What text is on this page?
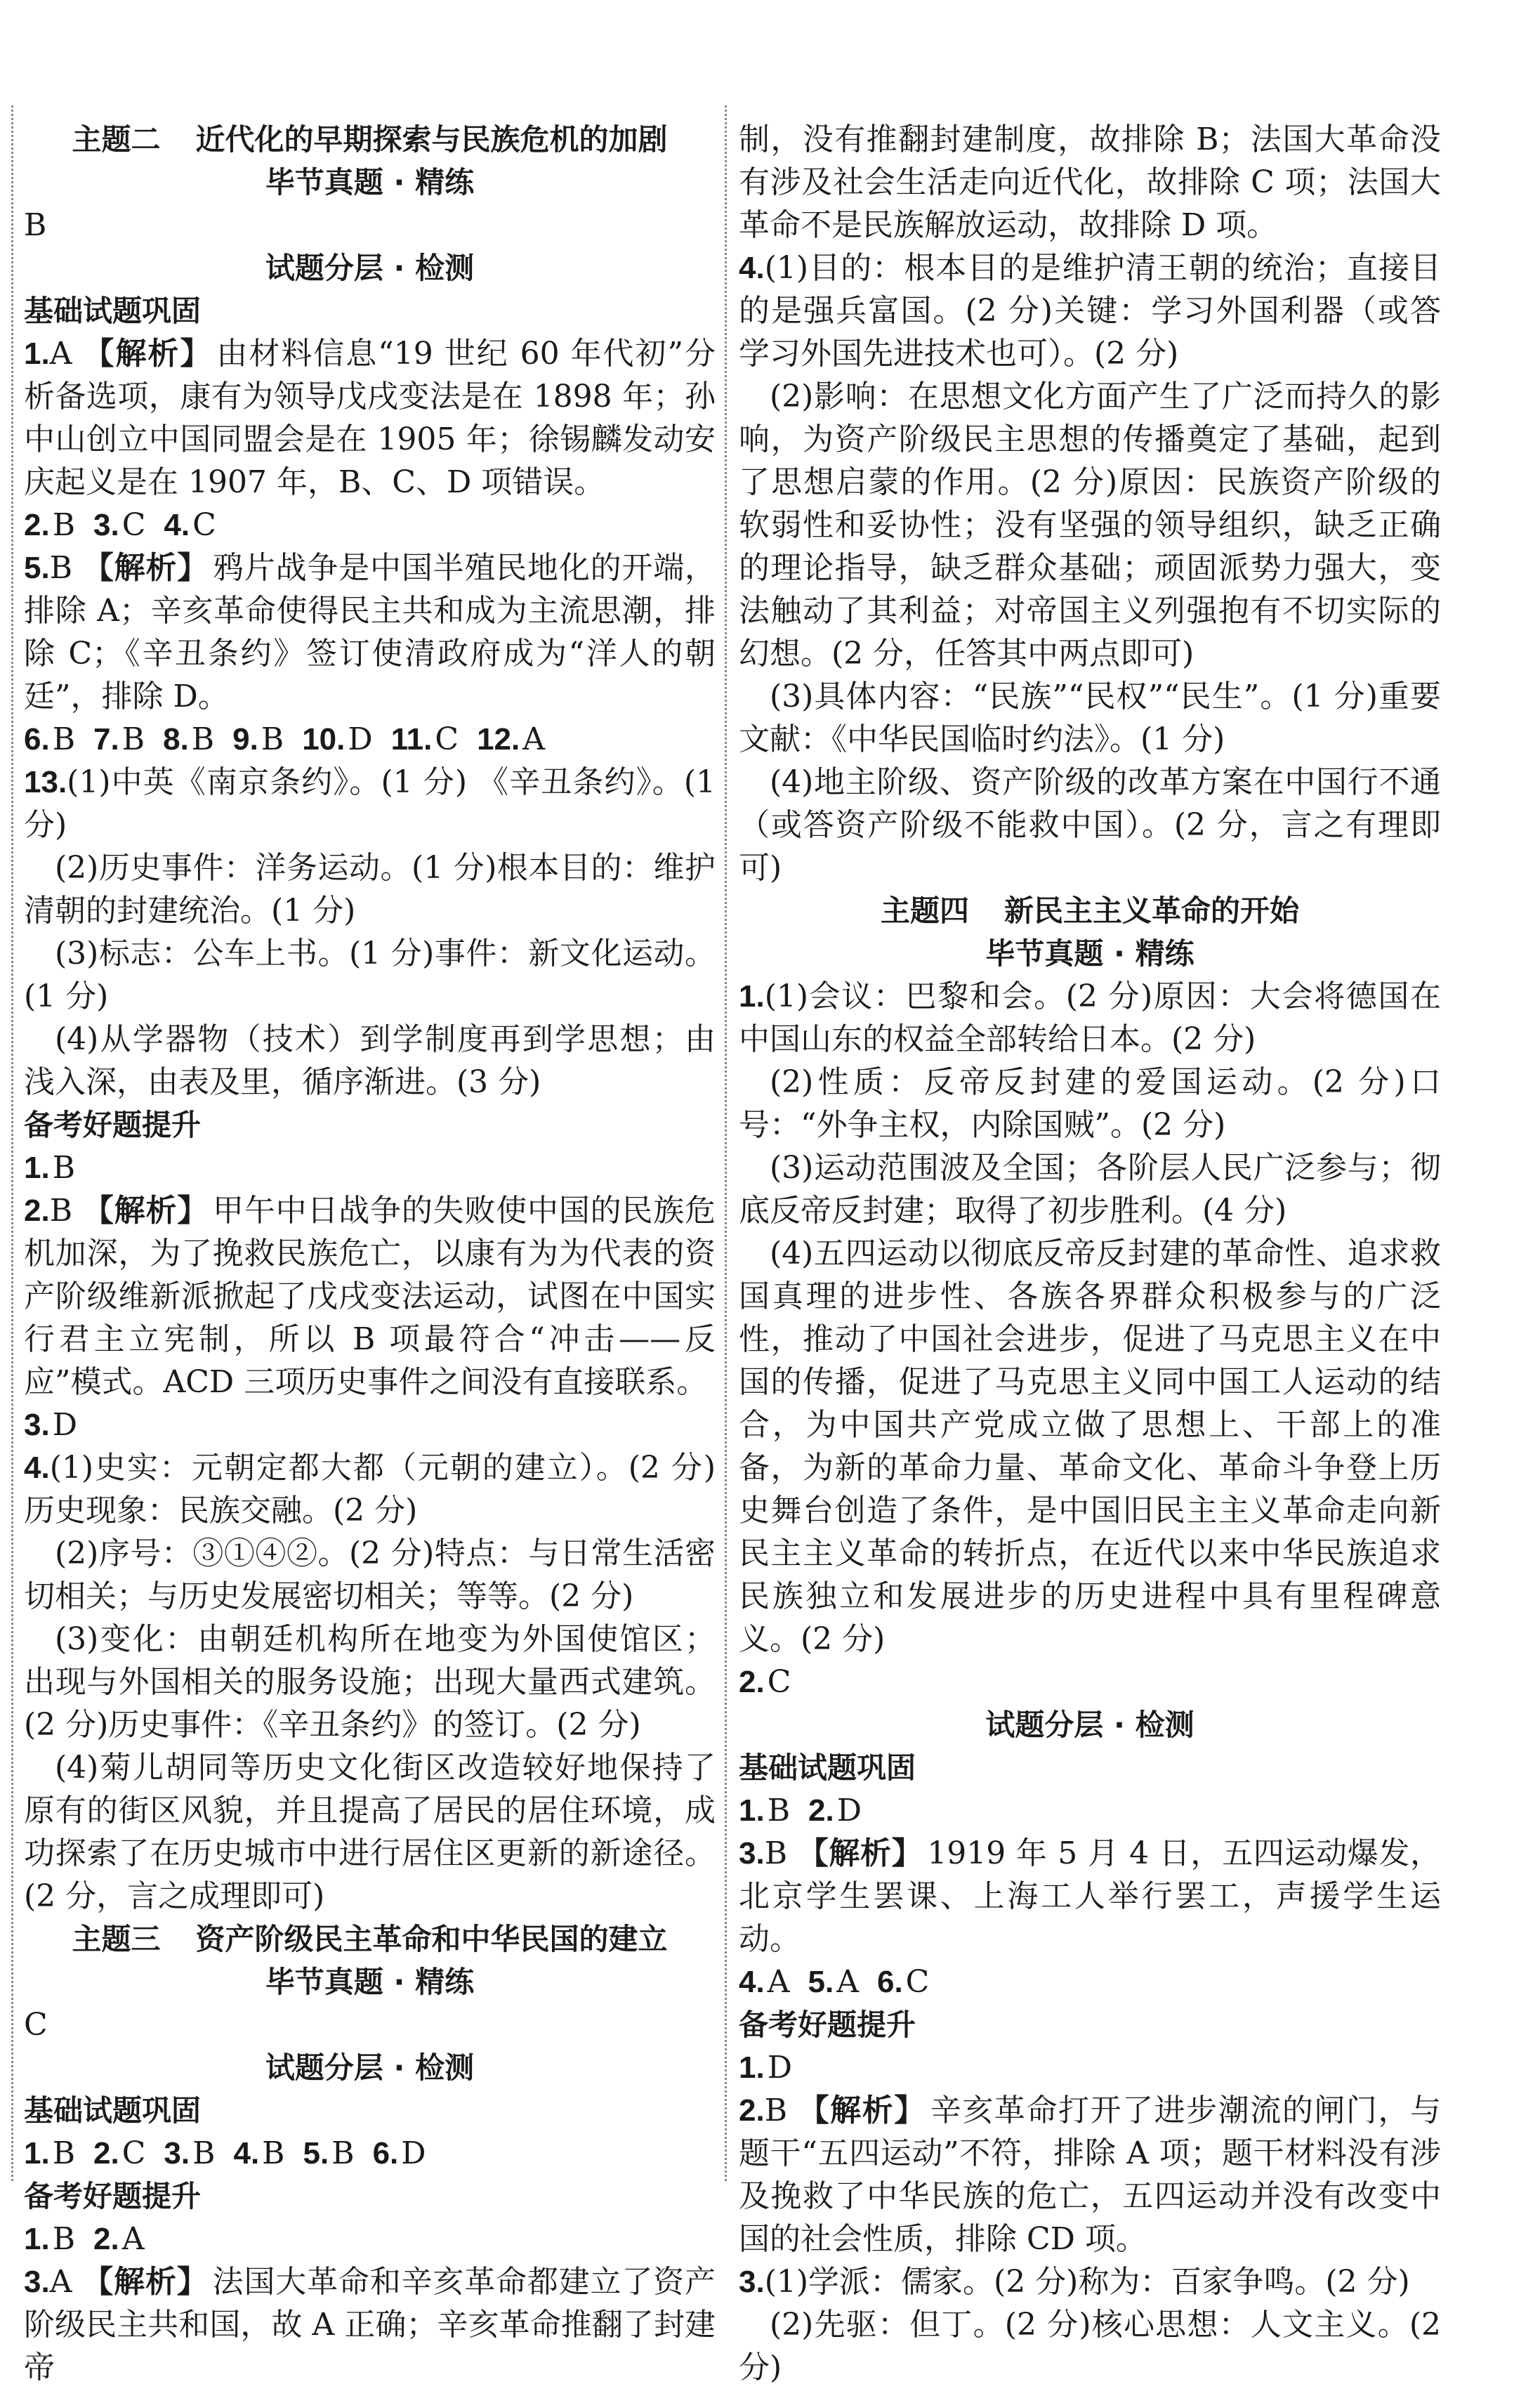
主题二 近代化的早期探索与民族危机的加剧
毕节真题 · 精练
B
试题分层 · 检测
基础试题巩固
1.A 【解析】 由材料信息“19 世纪 60 年代初”分析备选项，康有为领导戊戌变法是在 1898 年；孙中山创立中国同盟会是在 1905 年；徐锡麟发动安庆起义是在 1907 年，B、C、D 项错误。
2.B 3.C 4.C
5.B 【解析】 鸦片战争是中国半殖民地化的开端，排除 A；辛亥革命使得民主共和成为主流思潮，排除 C；《辛丑条约》签订使清政府成为“洋人的朝廷”，排除 D。
6.B 7.B 8.B 9.B 10.D 11.C 12.A
13.(1)中英《南京条约》。(1 分) 《辛丑条约》。(1 分)
(2)历史事件：洋务运动。(1 分)根本目的：维护清朝的封建统治。(1 分)
(3)标志：公车上书。(1 分)事件：新文化运动。(1 分)
(4)从学器物（技术）到学制度再到学思想；由浅入深，由表及里，循序渐进。(3 分)
备考好题提升
1.B
2.B 【解析】 甲午中日战争的失败使中国的民族危机加深，为了挽救民族危亡，以康有为为代表的资产阶级维新派掀起了戊戌变法运动，试图在中国实行君主立宪制，所以 B 项最符合“冲击——反应”模式。ACD 三项历史事件之间没有直接联系。
3.D
4.(1)史实：元朝定都大都（元朝的建立）。(2 分)历史现象：民族交融。(2 分)
(2)序号：③①④②。(2 分)特点：与日常生活密切相关；与历史发展密切相关；等等。(2 分)
(3)变化：由朝廷机构所在地变为外国使馆区；出现与外国相关的服务设施；出现大量西式建筑。(2 分)历史事件：《辛丑条约》的签订。(2 分)
(4)菊儿胡同等历史文化街区改造较好地保持了原有的街区风貌，并且提高了居民的居住环境，成功探索了在历史城市中进行居住区更新的新途径。(2 分，言之成理即可)
主题三 资产阶级民主革命和中华民国的建立
毕节真题 · 精练
C
试题分层 · 检测
基础试题巩固
1.B 2.C 3.B 4.B 5.B 6.D
备考好题提升
1.B 2.A
3.A 【解析】 法国大革命和辛亥革命都建立了资产阶级民主共和国，故 A 正确；辛亥革命推翻了封建帝
制，没有推翻封建制度，故排除 B；法国大革命没有涉及社会生活走向近代化，故排除 C 项；法国大革命不是民族解放运动，故排除 D 项。
4.(1)目的：根本目的是维护清王朝的统治；直接目的是强兵富国。(2 分)关键：学习外国利器（或答学习外国先进技术也可）。(2 分)
(2)影响：在思想文化方面产生了广泛而持久的影响，为资产阶级民主思想的传播奠定了基础，起到了思想启蒙的作用。(2 分)原因：民族资产阶级的软弱性和妥协性；没有坚强的领导组织，缺乏正确的理论指导，缺乏群众基础；顽固派势力强大，变法触动了其利益；对帝国主义列强抱有不切实际的幻想。(2 分，任答其中两点即可)
(3)具体内容：“民族”“民权”“民生”。(1 分)重要文献：《中华民国临时约法》。(1 分)
(4)地主阶级、资产阶级的改革方案在中国行不通（或答资产阶级不能救中国）。(2 分，言之有理即可)
主题四 新民主主义革命的开始
毕节真题 · 精练
1.(1)会议：巴黎和会。(2 分)原因：大会将德国在中国山东的权益全部转给日本。(2 分)
(2)性质：反帝反封建的爱国运动。(2 分)口号：“外争主权，内除国贼”。(2 分)
(3)运动范围波及全国；各阶层人民广泛参与；彻底反帝反封建；取得了初步胜利。(4 分)
(4)五四运动以彻底反帝反封建的革命性、追求救国真理的进步性、各族各界群众积极参与的广泛性，推动了中国社会进步，促进了马克思主义在中国的传播，促进了马克思主义同中国工人运动的结合，为中国共产党成立做了思想上、干部上的准备，为新的革命力量、革命文化、革命斗争登上历史舞台创造了条件，是中国旧民主主义革命走向新民主主义革命的转折点，在近代以来中华民族追求民族独立和发展进步的历史进程中具有里程碑意义。(2 分)
2.C
试题分层 · 检测
基础试题巩固
1.B 2.D
3.B 【解析】 1919 年 5 月 4 日，五四运动爆发，北京学生罢课、上海工人举行罢工，声援学生运动。
4.A 5.A 6.C
备考好题提升
1.D
2.B 【解析】 辛亥革命打开了进步潮流的闸门，与题干“五四运动”不符，排除 A 项；题干材料没有涉及挽救了中华民族的危亡，五四运动并没有改变中国的社会性质，排除 CD 项。
3.(1)学派：儒家。(2 分)称为：百家争鸣。(2 分)
(2)先驱：但丁。(2 分)核心思想：人文主义。(2 分)
